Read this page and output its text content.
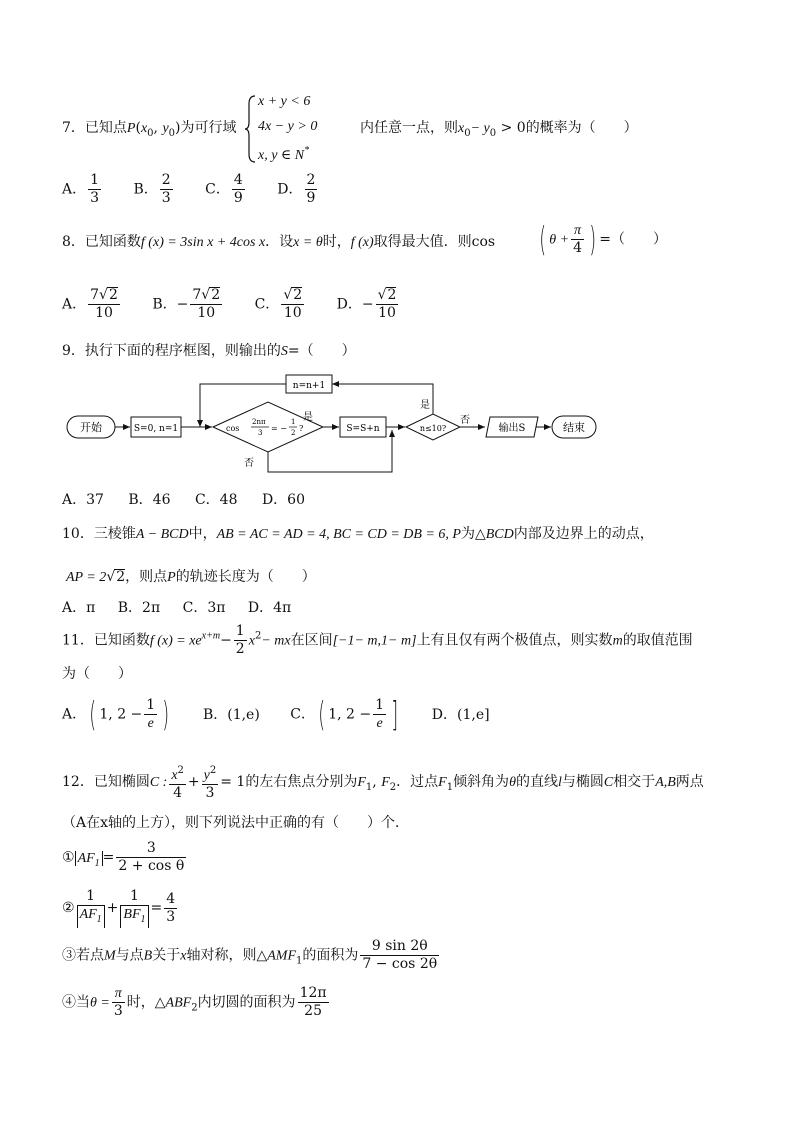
x + y < 6
4x − y > 0
x, y ∈ N*
7．已知点$P(x_0$, $y_0$)为可行域	内任意一点，则$x_0- y_0 > 0$的概率为（　　）
A． $\frac{1}{3}$ B． $\frac{2}{3}$ C． $\frac{4}{9}$ D． $\frac{2}{9}$
8．已知函数f (x) = 3sin x + 4cos x．设x = θ时，f (x)取得最大值．则cos ( $\theta + \frac{\pi}{4}$ ) =（　　）
A． $\frac{7√2}{10}$ B．− $\frac{7√2}{10}$ C． $\frac{√2}{10}$ D．− $\frac{√2}{10}$
9．执行下面的程序框图，则输出的S=（　　）
开始	S=0, n=1	cos
2nπ
3 = −
1
2 ?
是
S=S+n
否
n≤10?
是
n=n+1
否
输出S	结束
A．37 B．46 C．48 D．60
10．三棱锥A − BCD中，AB = AC = AD = 4, BC = CD = DB = 6, P为△BCD内部及边界上的动点，
AP = 2√2，则点P的轨迹长度为（　　）
A．π B．2π C．3π D．4π
11．已知函数f $(x) = xe^{x+m}- \frac{1}{2} x^2-$ mx在区间[−1− m,1− m]上有且仅有两个极值点，则实数m的取值范围
为（　　）
A．( 1, $2 - \frac{1}{e}$ ) B．(1,e) C．( 1, $2 - \frac{1}{e}$ ] D．(1,e]
12．已知椭圆C : $\frac{x^2}{4} + \frac{y^2}{3} = 1$的左右焦点分别为$F_1$, $F_2$．过点$F_1$倾斜角为θ的直线l与椭圆C相交于A,B两点
（A在x轴的上方），则下列说法中正确的有（　　）个．
① $AF_1 = \frac{3}{\text{2 + cos θ}}$
② $\frac{1}{AF_1} + \frac{1}{BF_1} = \frac{4}{3}$
③若点M与点B关于x轴对称，则$\triangle AMF_1$的面积为 $\frac{9 \sin 2\theta}{7 - \cos 2\theta}$
④当$\theta = \frac{\pi}{3}$ 时，$\triangle ABF_2$内切圆的面积为 $\frac{12\pi}{25}$
